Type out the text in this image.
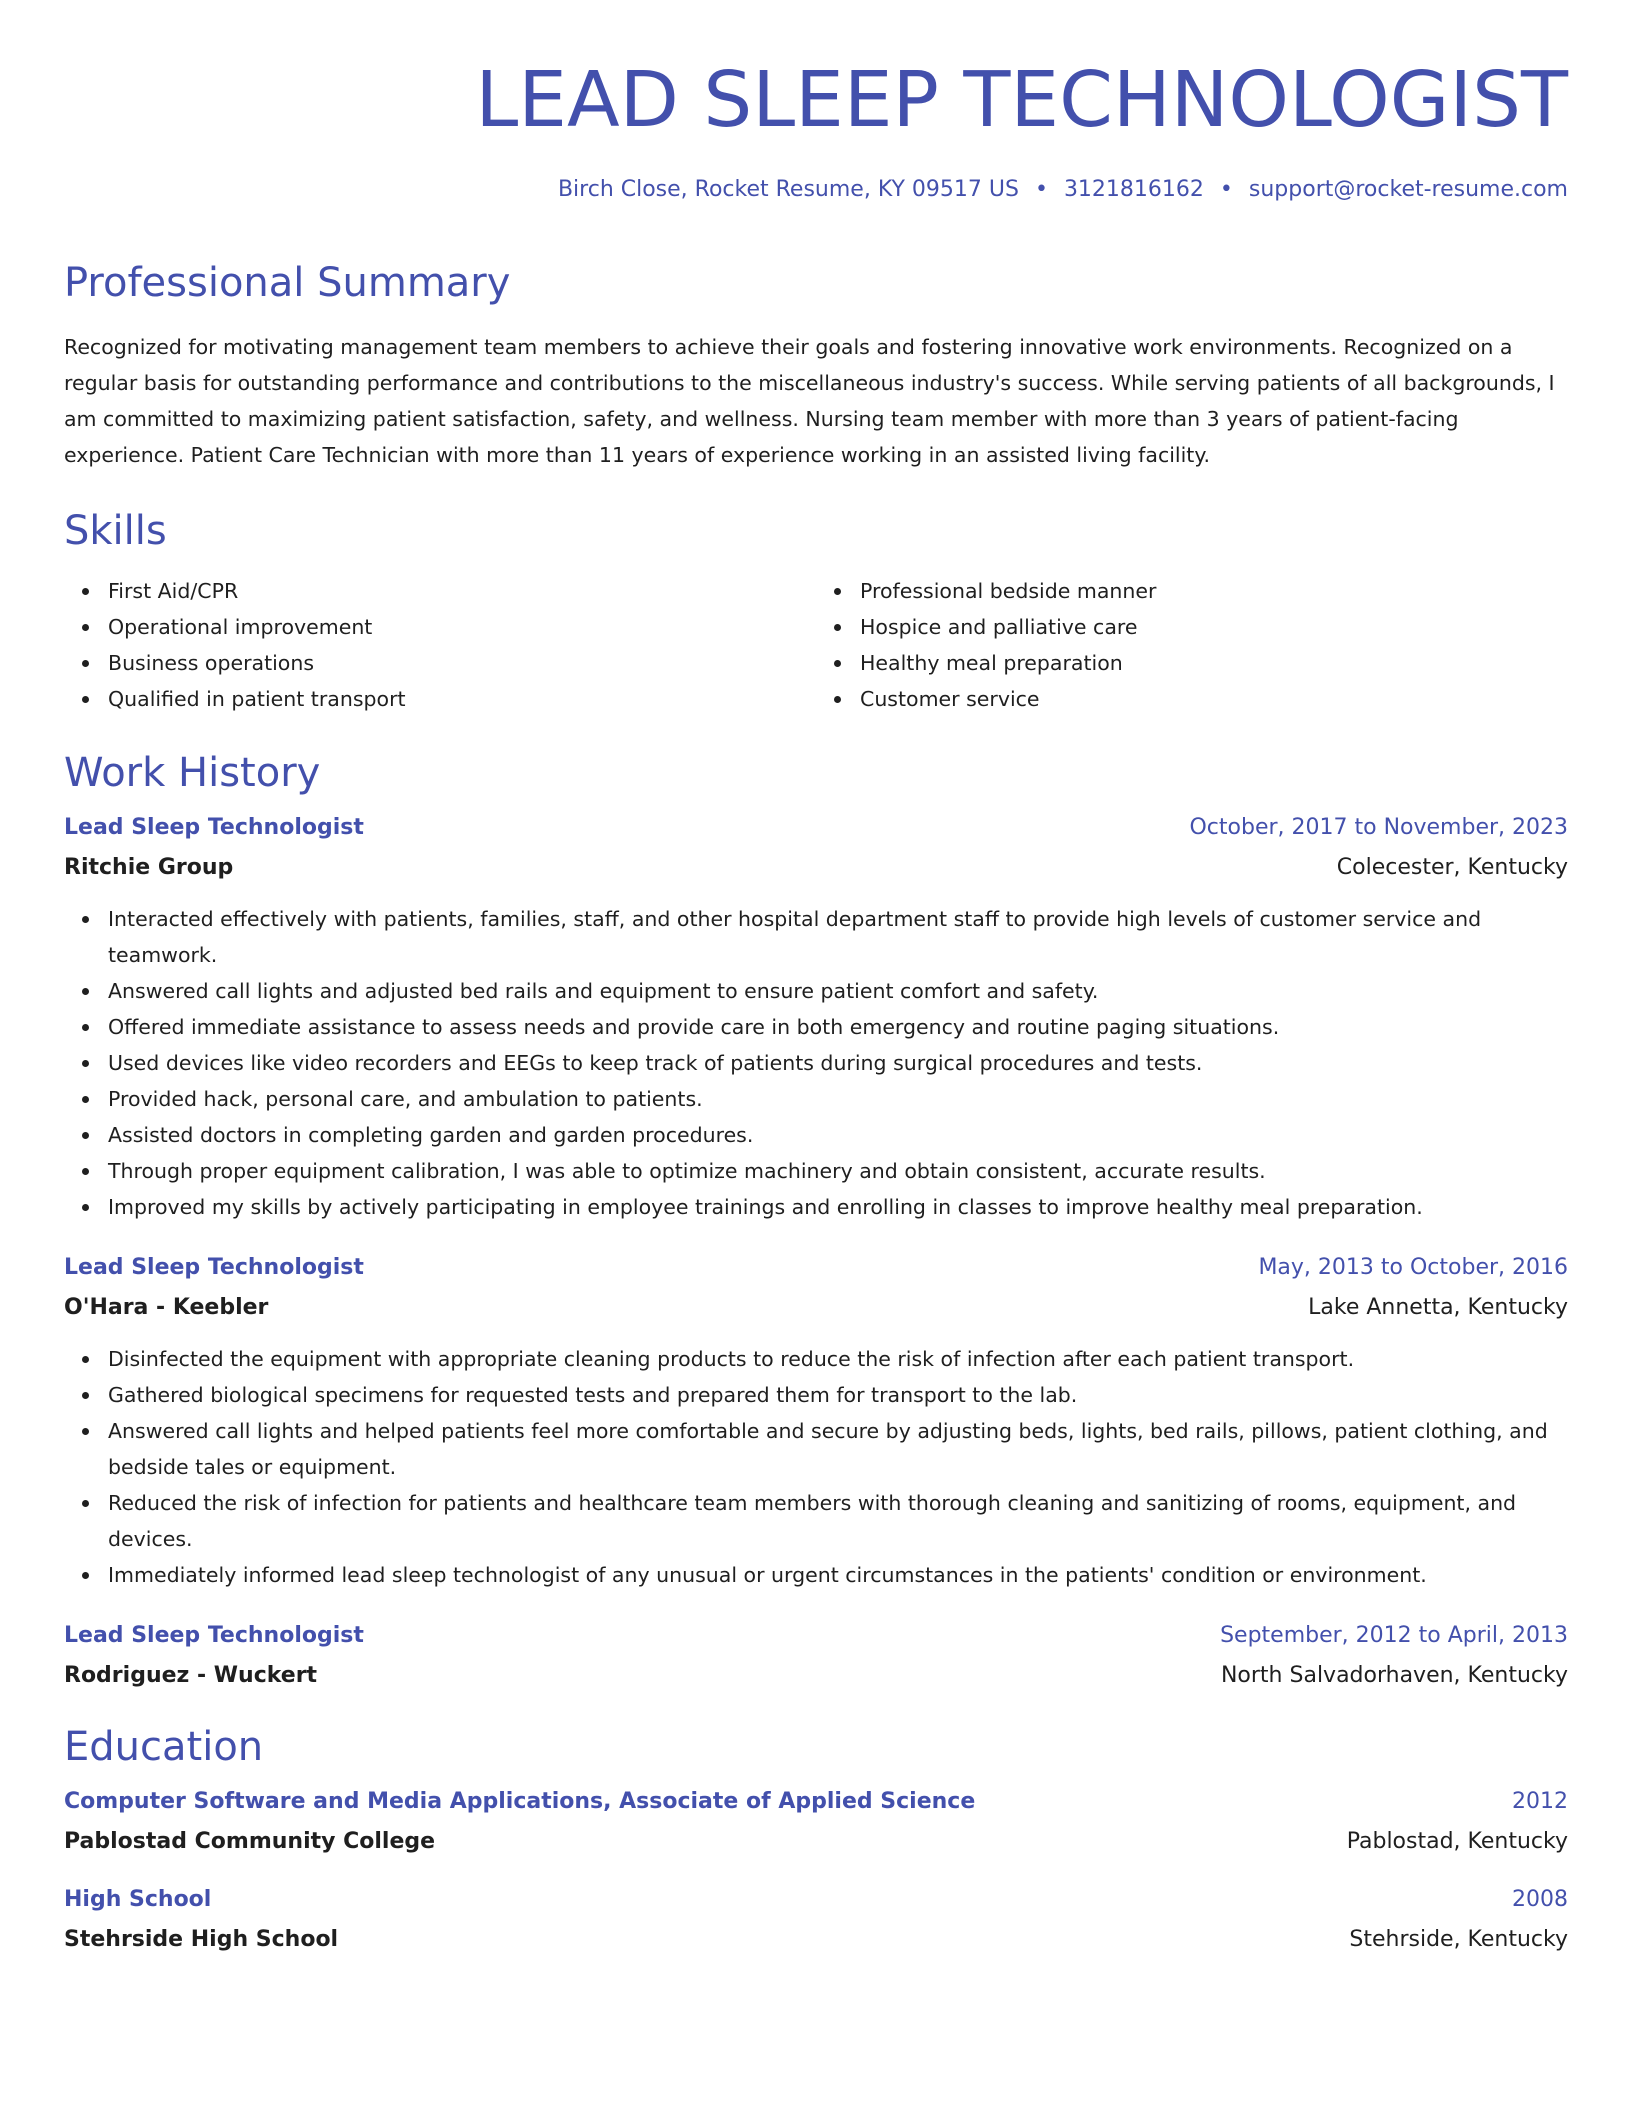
LEAD SLEEP TECHNOLOGIST
Birch Close, Rocket Resume, KY 09517 US • 3121816162 • support@rocket-resume.com
Professional Summary
Recognized for motivating management team members to achieve their goals and fostering innovative work environments. Recognized on a regular basis for outstanding performance and contributions to the miscellaneous industry's success. While serving patients of all backgrounds, I am committed to maximizing patient satisfaction, safety, and wellness. Nursing team member with more than 3 years of patient-facing experience. Patient Care Technician with more than 11 years of experience working in an assisted living facility.
Skills
First Aid/CPR
Operational improvement
Business operations
Qualified in patient transport
Professional bedside manner
Hospice and palliative care
Healthy meal preparation
Customer service
Work History
Lead Sleep Technologist	October, 2017 to November, 2023
Ritchie Group	Colecester, Kentucky
Interacted effectively with patients, families, staff, and other hospital department staff to provide high levels of customer service and teamwork.
Answered call lights and adjusted bed rails and equipment to ensure patient comfort and safety.
Offered immediate assistance to assess needs and provide care in both emergency and routine paging situations.
Used devices like video recorders and EEGs to keep track of patients during surgical procedures and tests.
Provided hack, personal care, and ambulation to patients.
Assisted doctors in completing garden and garden procedures.
Through proper equipment calibration, I was able to optimize machinery and obtain consistent, accurate results.
Improved my skills by actively participating in employee trainings and enrolling in classes to improve healthy meal preparation.
Lead Sleep Technologist	May, 2013 to October, 2016
O'Hara - Keebler	Lake Annetta, Kentucky
Disinfected the equipment with appropriate cleaning products to reduce the risk of infection after each patient transport.
Gathered biological specimens for requested tests and prepared them for transport to the lab.
Answered call lights and helped patients feel more comfortable and secure by adjusting beds, lights, bed rails, pillows, patient clothing, and bedside tales or equipment.
Reduced the risk of infection for patients and healthcare team members with thorough cleaning and sanitizing of rooms, equipment, and devices.
Immediately informed lead sleep technologist of any unusual or urgent circumstances in the patients' condition or environment.
Lead Sleep Technologist	September, 2012 to April, 2013
Rodriguez - Wuckert	North Salvadorhaven, Kentucky
Education
Computer Software and Media Applications, Associate of Applied Science	2012
Pablostad Community College	Pablostad, Kentucky
High School	2008
Stehrside High School	Stehrside, Kentucky
